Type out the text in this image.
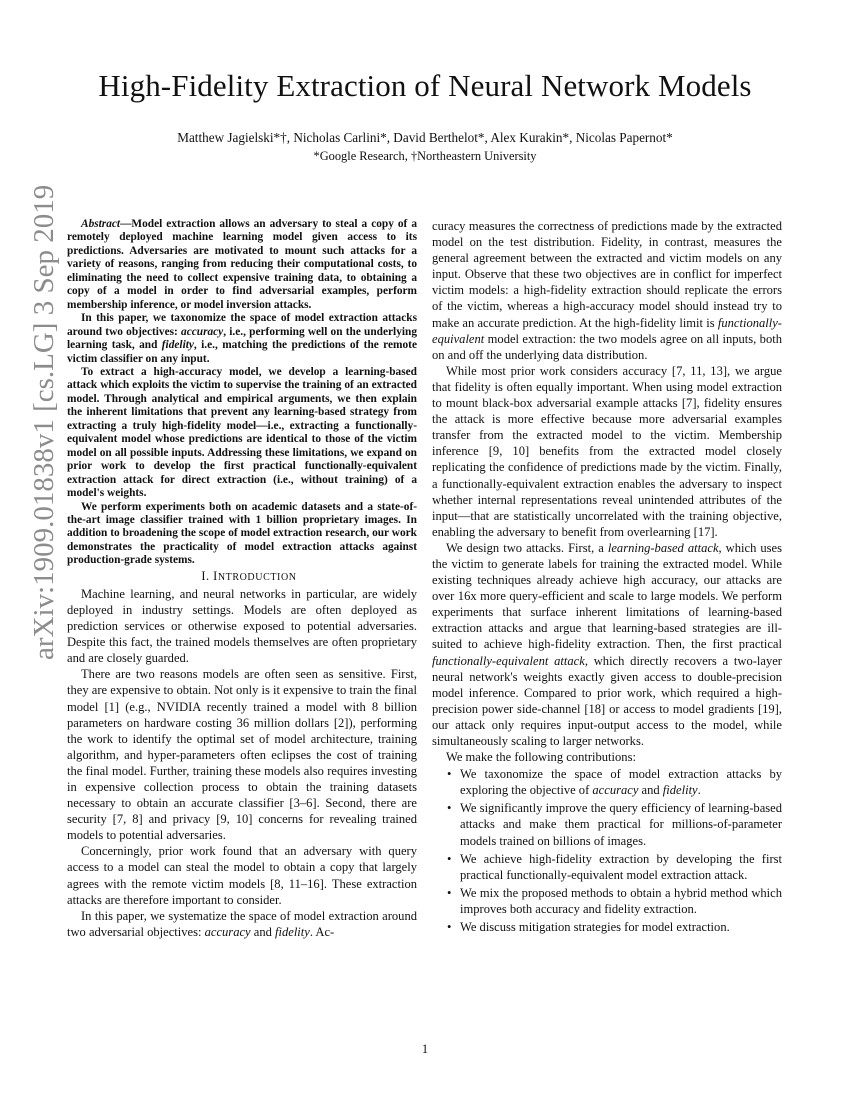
High-Fidelity Extraction of Neural Network Models
Matthew Jagielski*†, Nicholas Carlini*, David Berthelot*, Alex Kurakin*, Nicolas Papernot*
*Google Research, †Northeastern University
arXiv:1909.01838v1 [cs.LG] 3 Sep 2019	Abstract—Model extraction allows an adversary to steal a copy of a remotely deployed machine learning model given access to its predictions. Adversaries are motivated to mount such attacks for a variety of reasons, ranging from reducing their computational costs, to eliminating the need to collect expensive training data, to obtaining a copy of a model in order to find adversarial examples, perform membership inference, or model inversion attacks.

In this paper, we taxonomize the space of model extraction attacks around two objectives: accuracy, i.e., performing well on the underlying learning task, and fidelity, i.e., matching the predictions of the remote victim classifier on any input.

To extract a high-accuracy model, we develop a learning-based attack which exploits the victim to supervise the training of an extracted model. Through analytical and empirical arguments, we then explain the inherent limitations that prevent any learning-based strategy from extracting a truly high-fidelity model—i.e., extracting a functionally-equivalent model whose predictions are identical to those of the victim model on all possible inputs. Addressing these limitations, we expand on prior work to develop the first practical functionally-equivalent extraction attack for direct extraction (i.e., without training) of a model's weights.

We perform experiments both on academic datasets and a state-of-the-art image classifier trained with 1 billion proprietary images. In addition to broadening the scope of model extraction research, our work demonstrates the practicality of model extraction attacks against production-grade systems.

I. INTRODUCTION

Machine learning, and neural networks in particular, are widely deployed in industry settings. Models are often deployed as prediction services or otherwise exposed to potential adversaries. Despite this fact, the trained models themselves are often proprietary and are closely guarded.

There are two reasons models are often seen as sensitive. First, they are expensive to obtain. Not only is it expensive to train the final model [1] (e.g., NVIDIA recently trained a model with 8 billion parameters on hardware costing 36 million dollars [2]), performing the work to identify the optimal set of model architecture, training algorithm, and hyper-parameters often eclipses the cost of training the final model. Further, training these models also requires investing in expensive collection process to obtain the training datasets necessary to obtain an accurate classifier [3–6]. Second, there are security [7, 8] and privacy [9, 10] concerns for revealing trained models to potential adversaries.

Concerningly, prior work found that an adversary with query access to a model can steal the model to obtain a copy that largely agrees with the remote victim models [8, 11–16]. These extraction attacks are therefore important to consider.

In this paper, we systematize the space of model extraction around two adversarial objectives: accuracy and fidelity. Ac-

curacy measures the correctness of predictions made by the extracted model on the test distribution. Fidelity, in contrast, measures the general agreement between the extracted and victim models on any input. Observe that these two objectives are in conflict for imperfect victim models: a high-fidelity extraction should replicate the errors of the victim, whereas a high-accuracy model should instead try to make an accurate prediction. At the high-fidelity limit is functionally-equivalent model extraction: the two models agree on all inputs, both on and off the underlying data distribution.

While most prior work considers accuracy [7, 11, 13], we argue that fidelity is often equally important. When using model extraction to mount black-box adversarial example attacks [7], fidelity ensures the attack is more effective because more adversarial examples transfer from the extracted model to the victim. Membership inference [9, 10] benefits from the extracted model closely replicating the confidence of predictions made by the victim. Finally, a functionally-equivalent extraction enables the adversary to inspect whether internal representations reveal unintended attributes of the input—that are statistically uncorrelated with the training objective, enabling the adversary to benefit from overlearning [17].

We design two attacks. First, a learning-based attack, which uses the victim to generate labels for training the extracted model. While existing techniques already achieve high accuracy, our attacks are over 16x more query-efficient and scale to large models. We perform experiments that surface inherent limitations of learning-based extraction attacks and argue that learning-based strategies are ill-suited to achieve high-fidelity extraction. Then, the first practical functionally-equivalent attack, which directly recovers a two-layer neural network's weights exactly given access to double-precision model inference. Compared to prior work, which required a high-precision power side-channel [18] or access to model gradients [19], our attack only requires input-output access to the model, while simultaneously scaling to larger networks.

We make the following contributions:

• We taxonomize the space of model extraction attacks by exploring the objective of accuracy and fidelity.
• We significantly improve the query efficiency of learning-based attacks and make them practical for millions-of-parameter models trained on billions of images.
• We achieve high-fidelity extraction by developing the first practical functionally-equivalent model extraction attack.
• We mix the proposed methods to obtain a hybrid method which improves both accuracy and fidelity extraction.
• We discuss mitigation strategies for model extraction.
1
